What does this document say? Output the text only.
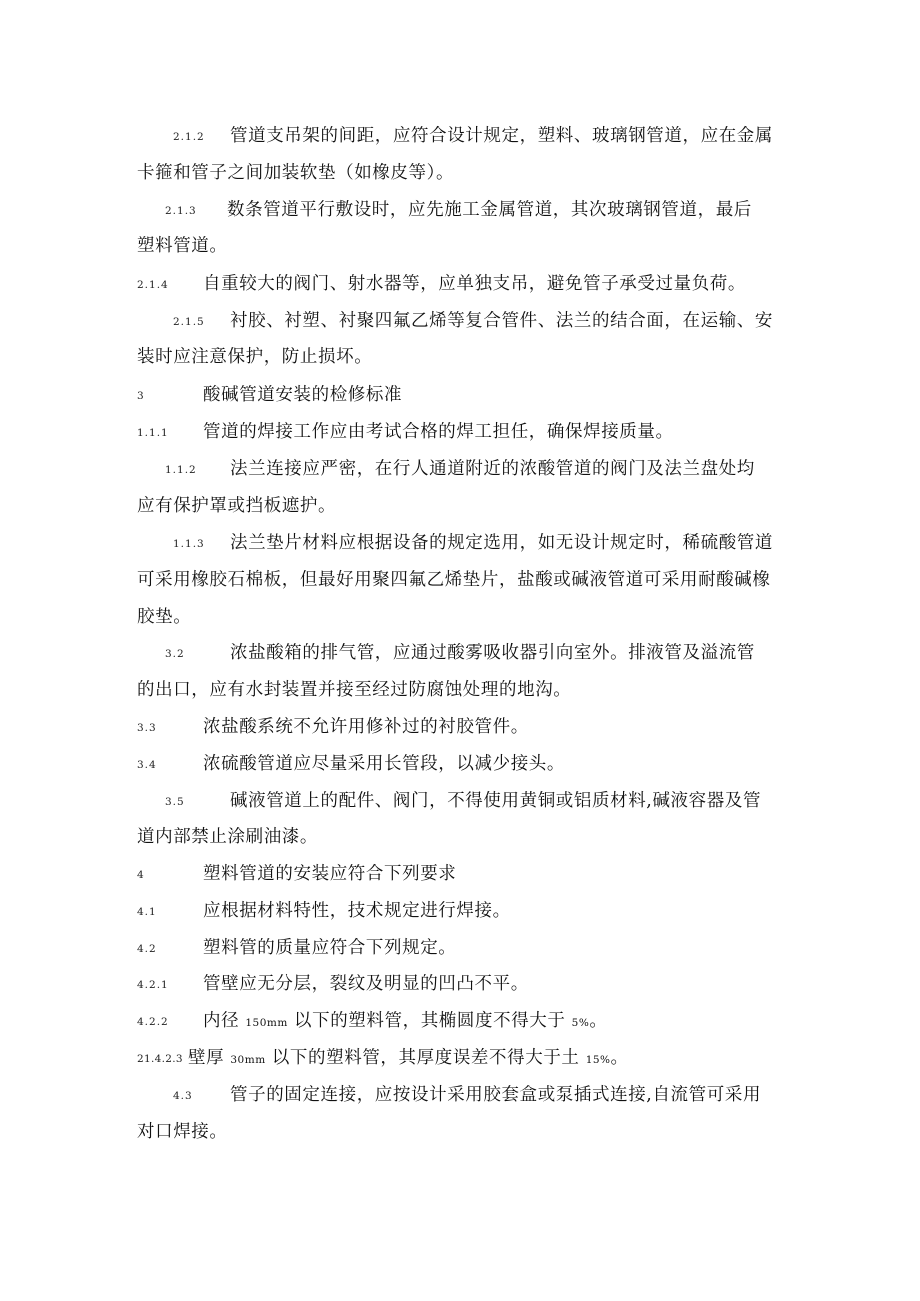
2.1.2 管道支吊架的间距，应符合设计规定，塑料、玻璃钢管道，应在金属
卡箍和管子之间加装软垫（如橡皮等）。
2.1.3 数条管道平行敷设时，应先施工金属管道，其次玻璃钢管道，最后
塑料管道。
2.1.4 自重较大的阀门、射水器等，应单独支吊，避免管子承受过量负荷。
2.1.5 衬胶、衬塑、衬聚四氟乙烯等复合管件、法兰的结合面，在运输、安
装时应注意保护，防止损坏。
3	酸碱管道安装的检修标准
1.1.1 管道的焊接工作应由考试合格的焊工担任，确保焊接质量。
1.1.2 法兰连接应严密，在行人通道附近的浓酸管道的阀门及法兰盘处均
应有保护罩或挡板遮护。
1.1.3 法兰垫片材料应根据设备的规定选用，如无设计规定时，稀硫酸管道
可采用橡胶石棉板，但最好用聚四氟乙烯垫片，盐酸或碱液管道可采用耐酸碱橡
胶垫。
3.2	浓盐酸箱的排气管，应通过酸雾吸收器引向室外。排液管及溢流管
的出口，应有水封装置并接至经过防腐蚀处理的地沟。
3.3	浓盐酸系统不允许用修补过的衬胶管件。
3.4	浓硫酸管道应尽量采用长管段，以减少接头。
3.5	碱液管道上的配件、阀门，不得使用黄铜或铝质材料,碱液容器及管
道内部禁止涂刷油漆。
4	塑料管道的安装应符合下列要求
4.1	应根据材料特性，技术规定进行焊接。
4.2	塑料管的质量应符合下列规定。
4.2.1 管壁应无分层，裂纹及明显的凹凸不平。
4.2.2 内径 150mm 以下的塑料管，其椭圆度不得大于 5%。
21.4.2.3 壁厚 30mm 以下的塑料管，其厚度误差不得大于土 15%。
4.3 管子的固定连接，应按设计采用胶套盒或泵插式连接,自流管可采用
对口焊接。
